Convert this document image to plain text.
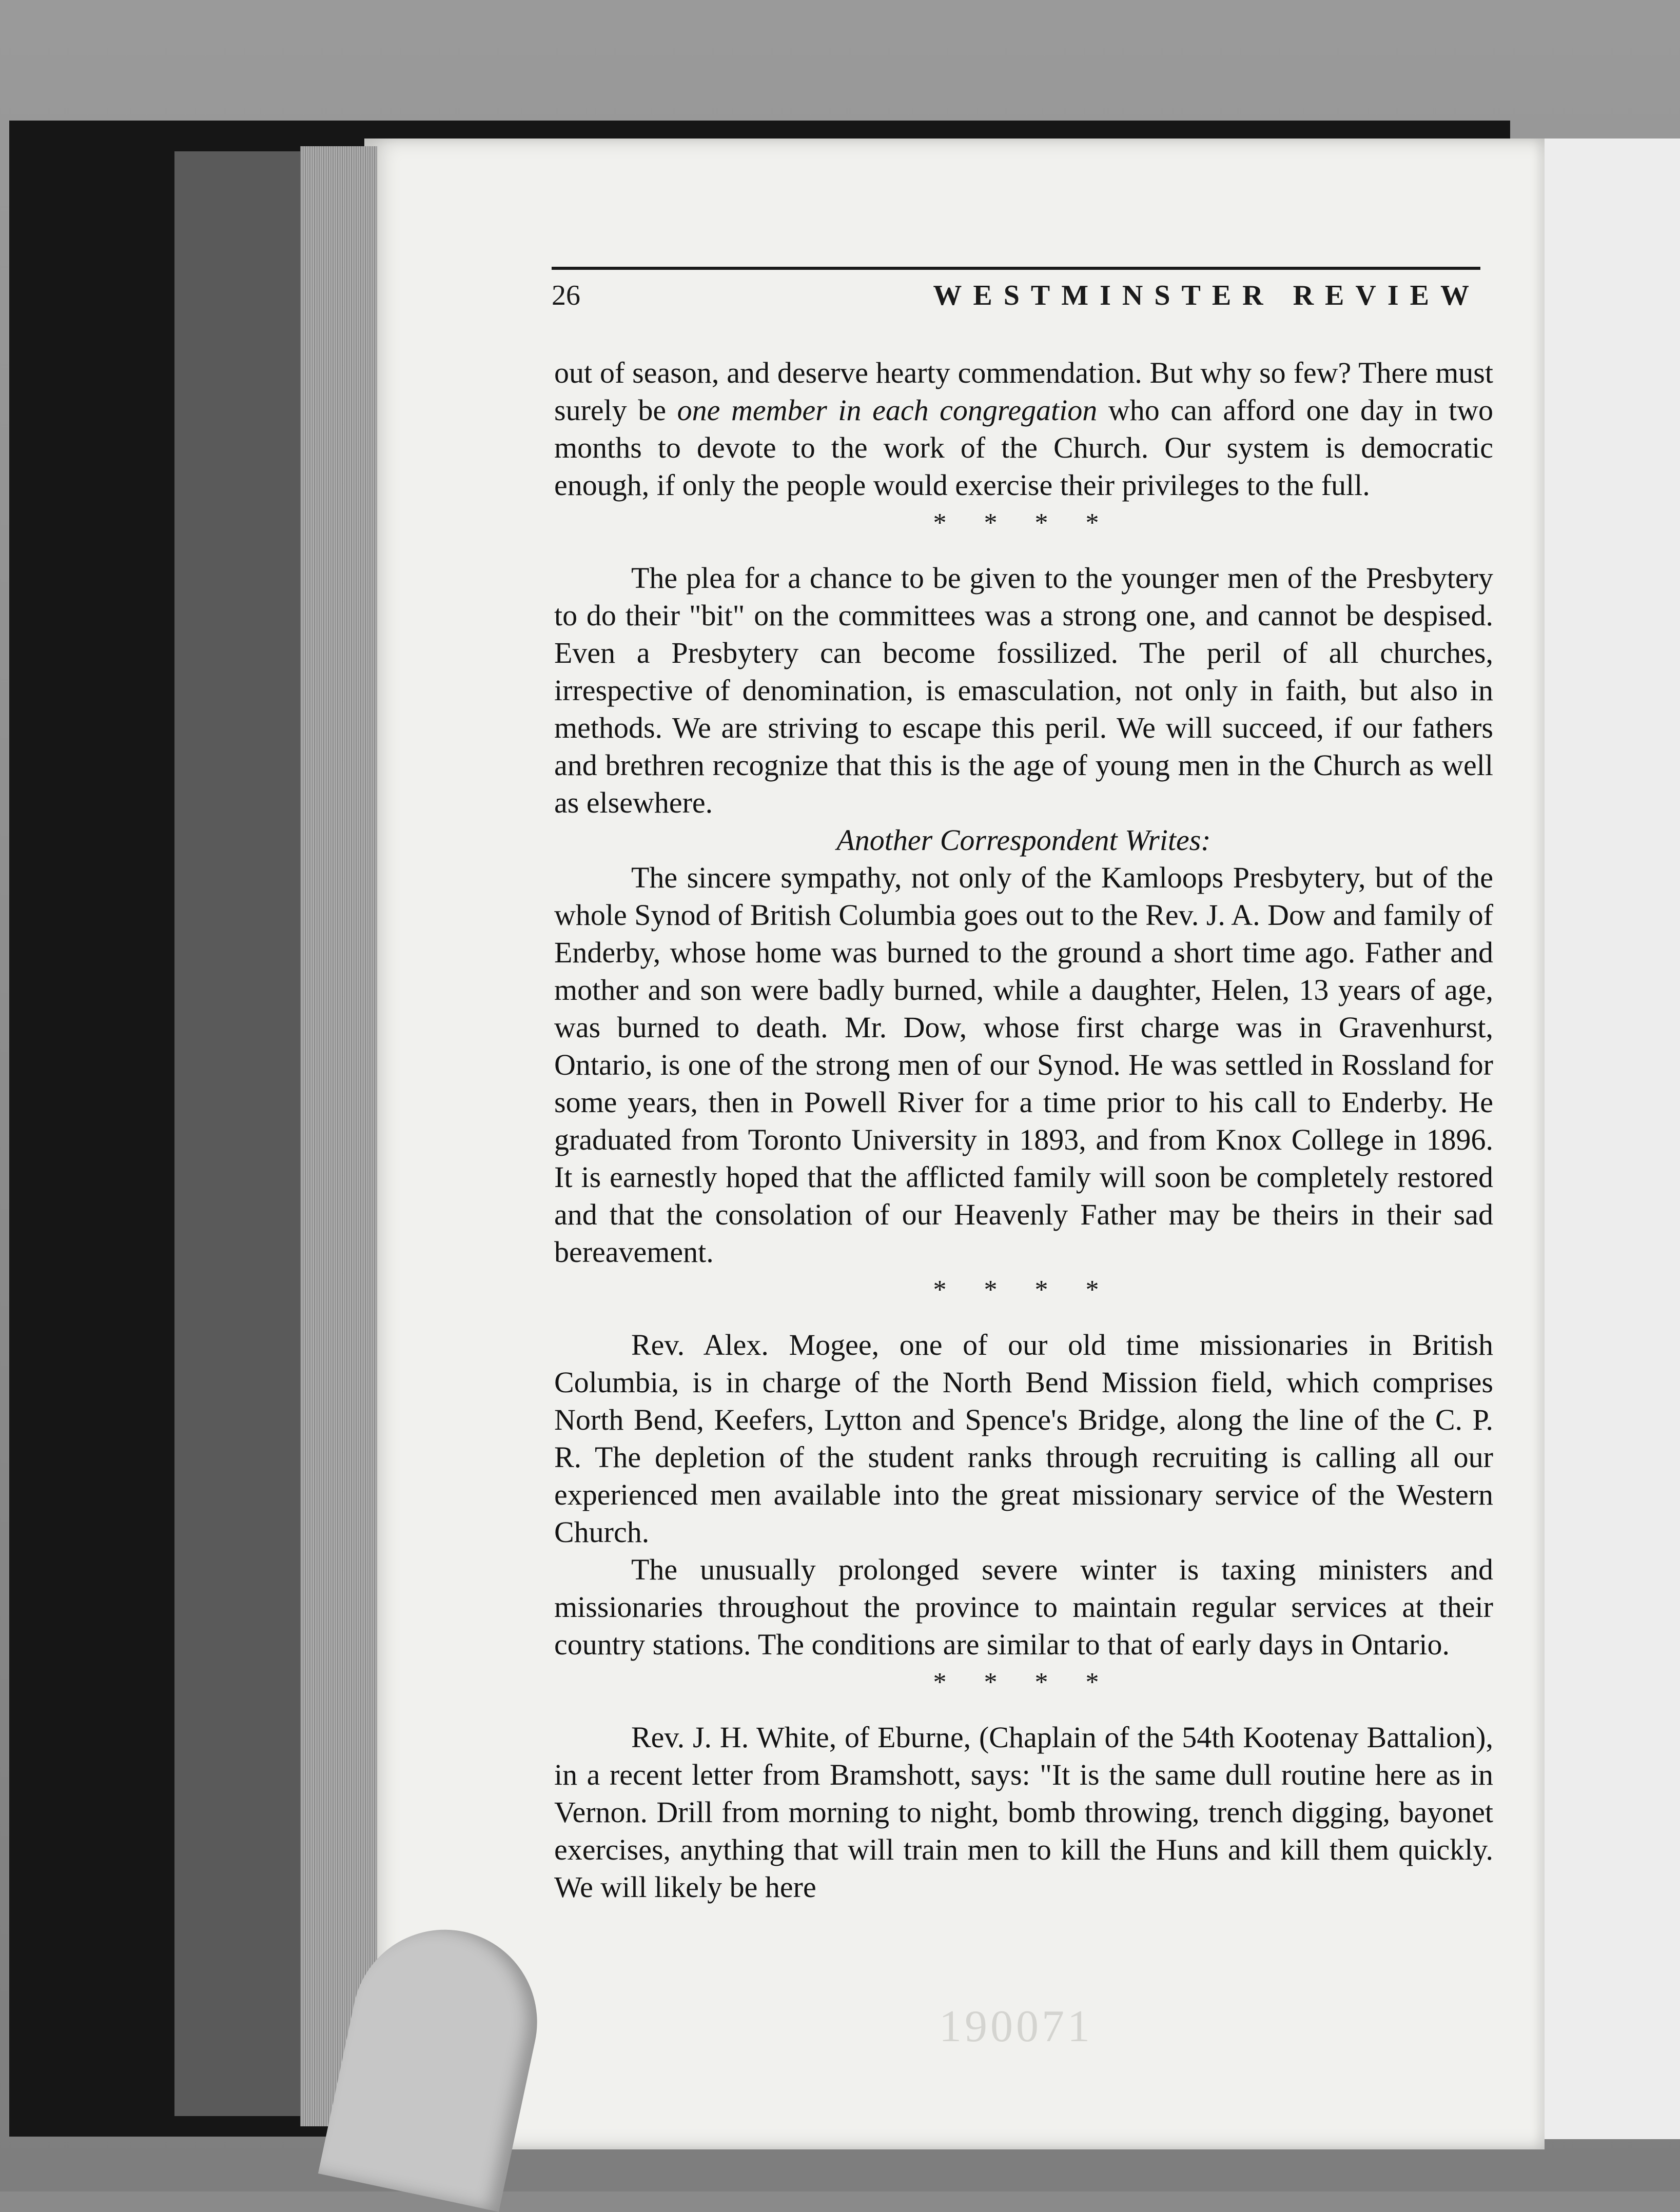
26	WESTMINSTER REVIEW

out of season, and deserve hearty commendation. But why so few? There must surely be one member in each congregation who can afford one day in two months to devote to the work of the Church. Our system is democratic enough, if only the people would exercise their privileges to the full.

* * * *

The plea for a chance to be given to the younger men of the Presbytery to do their "bit" on the committees was a strong one, and cannot be despised. Even a Presbytery can become fossilized. The peril of all churches, irrespective of denomination, is emasculation, not only in faith, but also in methods. We are striving to escape this peril. We will succeed, if our fathers and brethren recognize that this is the age of young men in the Church as well as elsewhere.

Another Correspondent Writes:

The sincere sympathy, not only of the Kamloops Presbytery, but of the whole Synod of British Columbia goes out to the Rev. J. A. Dow and family of Enderby, whose home was burned to the ground a short time ago. Father and mother and son were badly burned, while a daughter, Helen, 13 years of age, was burned to death. Mr. Dow, whose first charge was in Gravenhurst, Ontario, is one of the strong men of our Synod. He was settled in Rossland for some years, then in Powell River for a time prior to his call to Enderby. He graduated from Toronto University in 1893, and from Knox College in 1896. It is earnestly hoped that the afflicted family will soon be completely restored and that the consolation of our Heavenly Father may be theirs in their sad bereavement.

* * * *

Rev. Alex. Mogee, one of our old time missionaries in British Columbia, is in charge of the North Bend Mission field, which comprises North Bend, Keefers, Lytton and Spence's Bridge, along the line of the C. P. R. The depletion of the student ranks through recruiting is calling all our experienced men available into the great missionary service of the Western Church.

The unusually prolonged severe winter is taxing ministers and missionaries throughout the province to maintain regular services at their country stations. The conditions are similar to that of early days in Ontario.

* * * *

Rev. J. H. White, of Eburne, (Chaplain of the 54th Kootenay Battalion), in a recent letter from Bramshott, says: "It is the same dull routine here as in Vernon. Drill from morning to night, bomb throwing, trench digging, bayonet exercises, anything that will train men to kill the Huns and kill them quickly. We will likely be here

190071
